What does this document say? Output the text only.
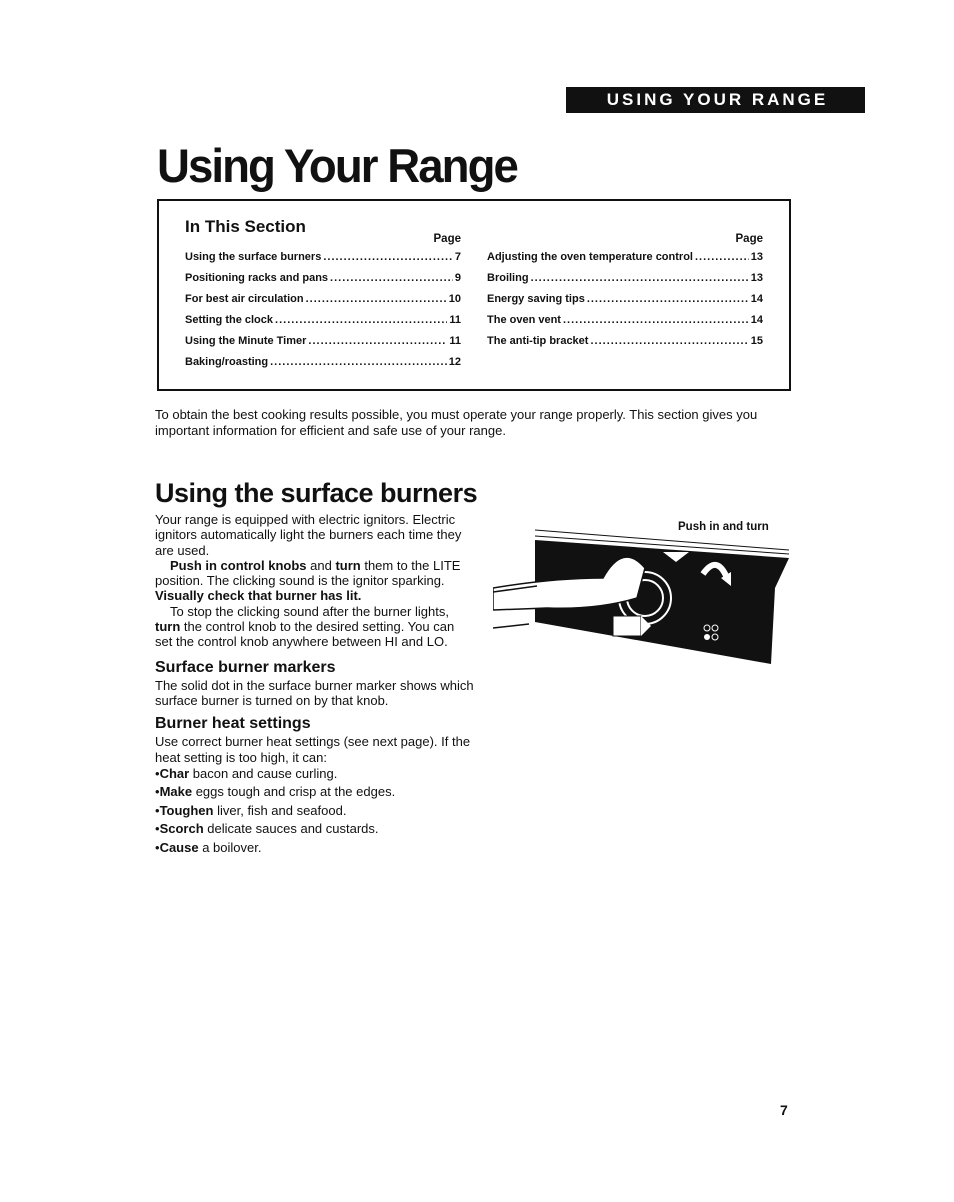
USING YOUR RANGE
Using Your Range
In This Section
Page
Using the surface burners .....	7
Positioning racks and pans .....	9
For best air circulation .....	10
Setting the clock .....	11
Using the Minute Timer .....	11
Baking/roasting .....	12
Page
Adjusting the oven temperature control .....	13
Broiling .....	13
Energy saving tips .....	14
The oven vent .....	14
The anti-tip bracket .....	15

To obtain the best cooking results possible, you must operate your range properly. This section gives you important information for efficient and safe use of your range.

Using the surface burners

Your range is equipped with electric ignitors. Electric ignitors automatically light the burners each time they are used.

Push in control knobs and turn them to the LITE position. The clicking sound is the ignitor sparking. Visually check that burner has lit.

To stop the clicking sound after the burner lights, turn the control knob to the desired setting. You can set the control knob anywhere between HI and LO.

Surface burner markers

The solid dot in the surface burner marker shows which surface burner is turned on by that knob.

Burner heat settings

Use correct burner heat settings (see next page). If the heat setting is too high, it can:

• Char bacon and cause curling.
• Make eggs tough and crisp at the edges.
• Toughen liver, fish and seafood.
• Scorch delicate sauces and custards.
• Cause a boilover.
Push in and turn
7
